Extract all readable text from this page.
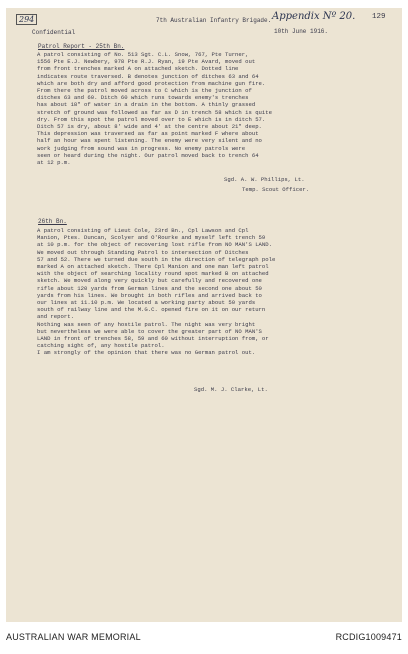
294	Appendix Nº 20. 129
7th Australian Infantry Brigade.
Confidential	10th June 1916.
Patrol Report - 25th Bn.
A patrol consisting of No. 513 Sgt. C.L. Snow, 767, Pte Turner,
1556 Pte E.J. Newbery, 978 Pte R.J. Ryan, 19 Pte Avard, moved out
from front trenches marked A on attached sketch. Dotted line
indicates route traversed. B denotes junction of ditches 63 and 64
which are both dry and afford good protection from machine gun fire.
From there the patrol moved across to C which is the junction of
ditches 63 and 60. Ditch 60 which runs towards enemy's trenches
has about 18" of water in a drain in the bottom. A thinly grassed
stretch of ground was followed as far as D in trench 58 which is quite
dry. From this spot the patrol moved over to E which is in ditch 57.
Ditch 57 is dry, about 8' wide and 4' at the centre about 21" deep.
This depression was traversed as far as point marked F where about
half an hour was spent listening. The enemy were very silent and no
work judging from sound was in progress. No enemy patrols were
seen or heard during the night. Our patrol moved back to trench 64
at 12 p.m.
Sgd. A. W. Phillips, Lt.
Temp. Scout Officer.
26th Bn.
A patrol consisting of Lieut Cole, 23rd Bn., Cpl Lawson and Cpl
Manion, Ptes. Duncan, Scolyer and O'Rourke and myself left trench 59
at 10 p.m. for the object of recovering lost rifle from NO MAN'S LAND.
We moved out through Standing Patrol to intersection of Ditches
57 and 52. There we turned due south in the direction of telegraph pole
marked A on attached sketch. There Cpl Manion and one man left patrol
with the object of searching locality round spot marked B on attached
sketch. We moved along very quickly but carefully and recovered one
rifle about 120 yards from German lines and the second one about 50
yards from his lines. We brought in both rifles and arrived back to
our lines at 11.10 p.m. We located a working party about 50 yards
south of railway line and the M.G.C. opened fire on it on our return
and report.
Nothing was seen of any hostile patrol. The night was very bright
but nevertheless we were able to cover the greater part of NO MAN'S
LAND in front of trenches 58, 59 and 60 without interruption from, or
catching sight of, any hostile patrol.
I am strongly of the opinion that there was no German patrol out.
Sgd. M. J. Clarke, Lt.
AUSTRALIAN WAR MEMORIAL	RCDIG1009471
